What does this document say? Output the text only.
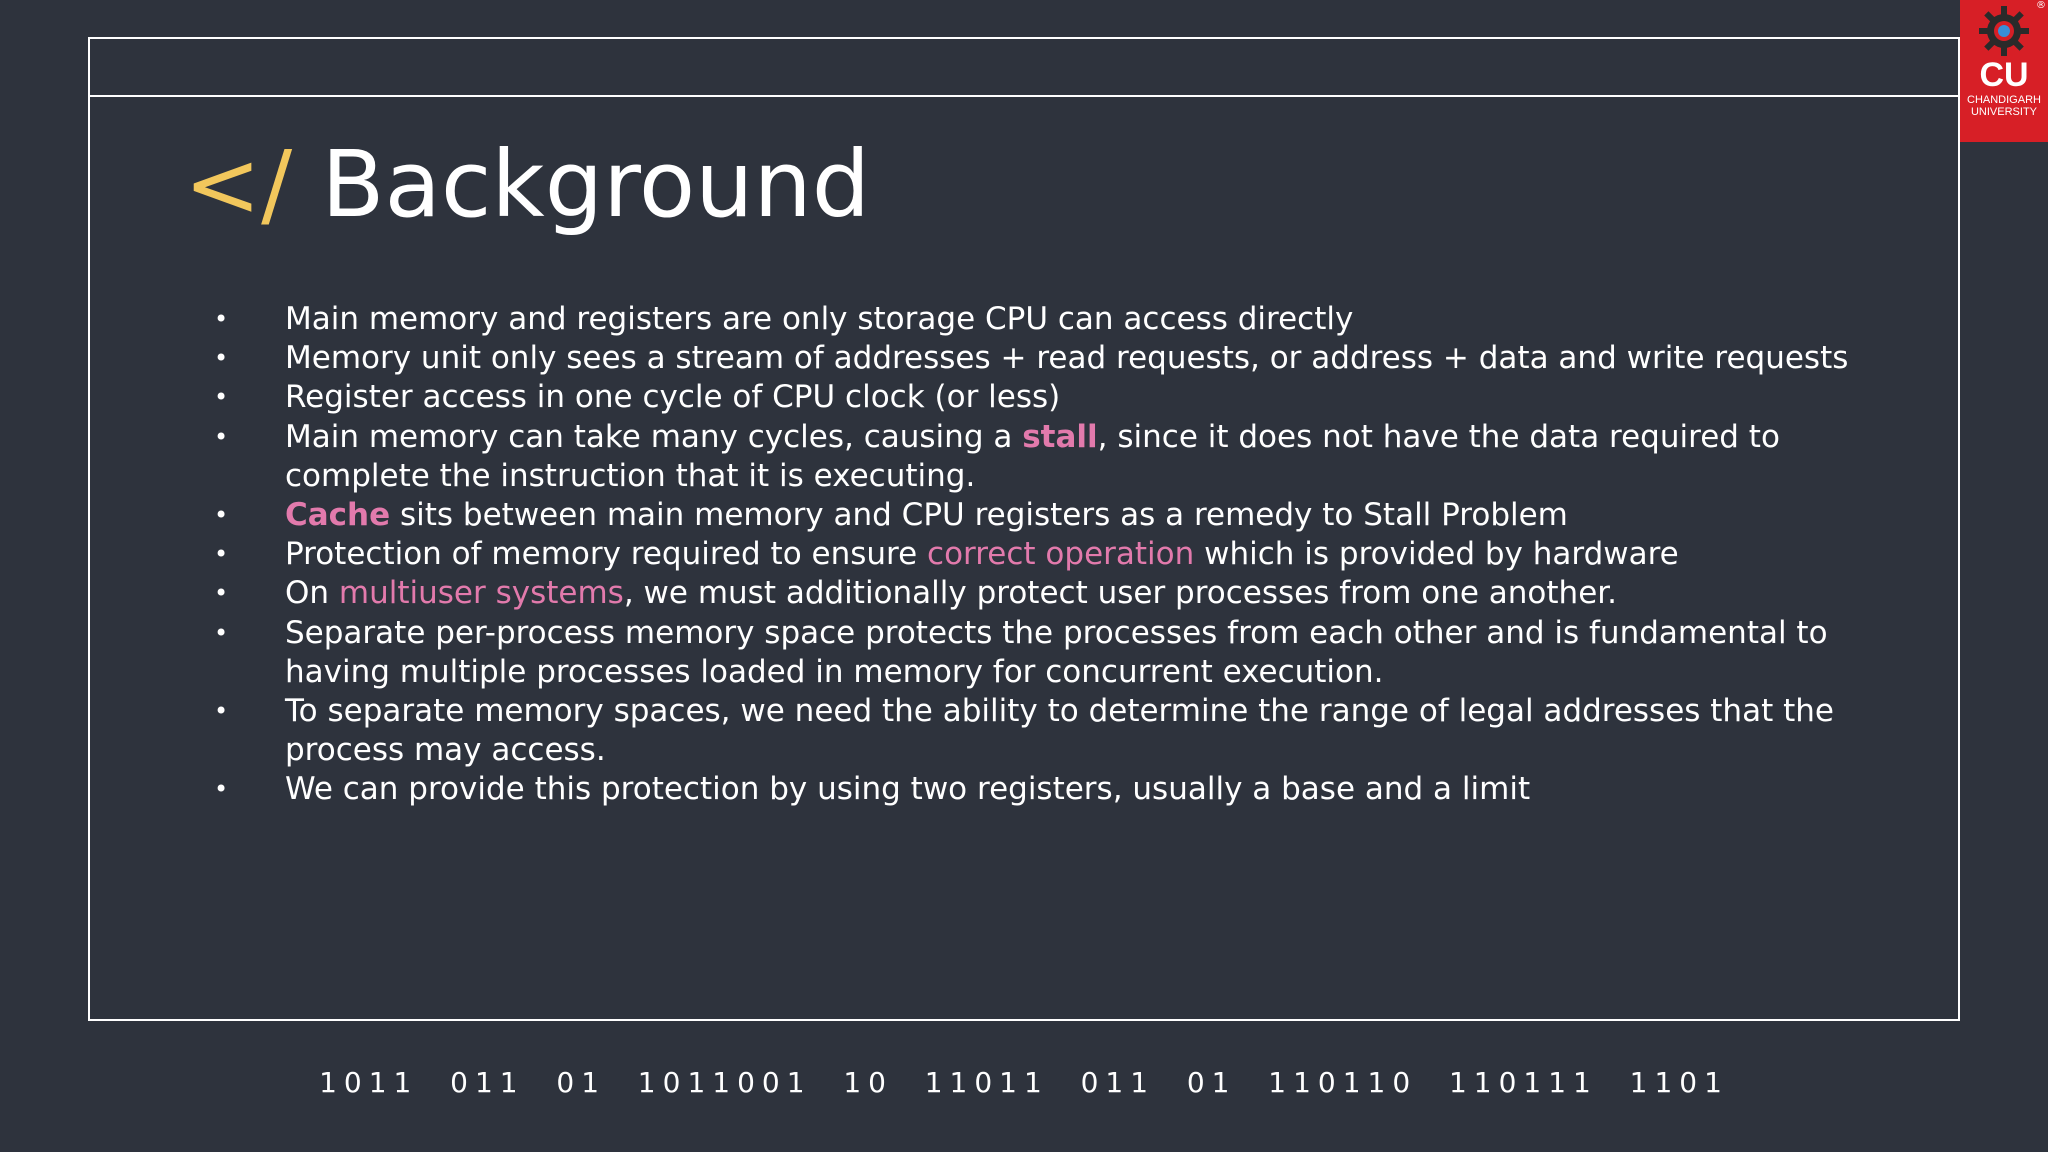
</ Background
• Main memory and registers are only storage CPU can access directly
• Memory unit only sees a stream of addresses + read requests, or address + data and write requests
• Register access in one cycle of CPU clock (or less)
• Main memory can take many cycles, causing a stall, since it does not have the data required to
complete the instruction that it is executing.
• Cache sits between main memory and CPU registers as a remedy to Stall Problem
• Protection of memory required to ensure correct operation which is provided by hardware
• On multiuser systems, we must additionally protect user processes from one another.
• Separate per-process memory space protects the processes from each other and is fundamental to
having multiple processes loaded in memory for concurrent execution.
• To separate memory spaces, we need the ability to determine the range of legal addresses that the
process may access.
• We can provide this protection by using two registers, usually a base and a limit
1011  011  01  1011001  10  11011  011  01  110110  110111  1101
®
CU
CHANDIGARH
UNIVERSITY
